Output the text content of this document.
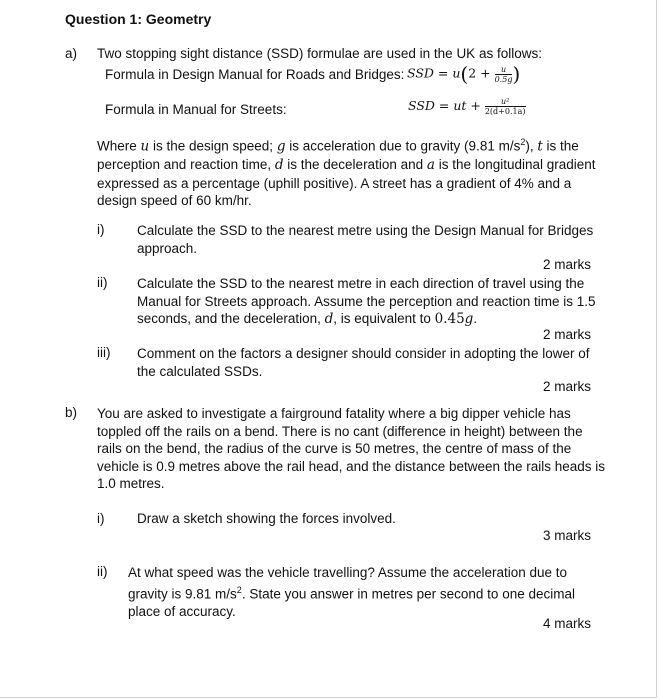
Question 1: Geometry
a) Two stopping sight distance (SSD) formulae are used in the UK as follows:
Formula in Design Manual for Roads and Bridges: SSD = $u(2 + \frac{u}{0.5g}$ )
Formula in Manual for Streets:	SSD = ut + $\frac{\text{u²}}{2(d+0.1a)}$
Where u is the design speed; g is acceleration due to gravity (9.81 $m/s^2$), t is the
perception and reaction time, d is the deceleration and a is the longitudinal gradient
expressed as a percentage (uphill positive). A street has a gradient of 4% and a
design speed of 60 km/hr.
i) Calculate the SSD to the nearest metre using the Design Manual for Bridges
approach.
2 marks
ii) Calculate the SSD to the nearest metre in each direction of travel using the
Manual for Streets approach. Assume the perception and reaction time is 1.5
seconds, and the deceleration, d, is equivalent to 0.45g.
2 marks
iii) Comment on the factors a designer should consider in adopting the lower of
the calculated SSDs.
2 marks
b) You are asked to investigate a fairground fatality where a big dipper vehicle has
toppled off the rails on a bend. There is no cant (difference in height) between the
rails on the bend, the radius of the curve is 50 metres, the centre of mass of the
vehicle is 0.9 metres above the rail head, and the distance between the rails heads is
1.0 metres.
i) Draw a sketch showing the forces involved.
3 marks
ii) At what speed was the vehicle travelling? Assume the acceleration due to
gravity is 9.81 $m/s^2$. State you answer in metres per second to one decimal
place of accuracy.
4 marks
